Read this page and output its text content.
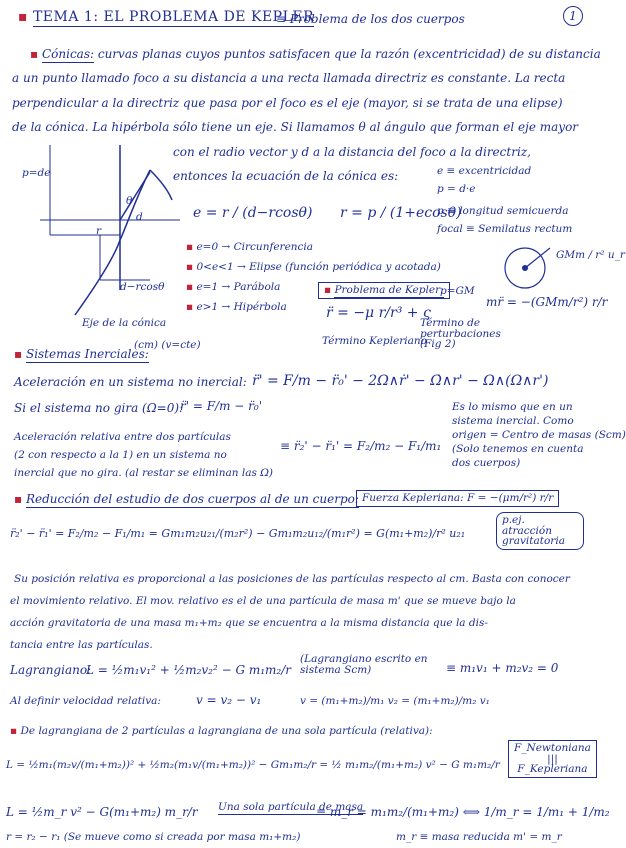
▪ TEMA 1: EL PROBLEMA DE KEPLER
≡ Problema de los dos cuerpos	1
▪ Cónicas: curvas planas cuyos puntos satisfacen que la razón (excentricidad) de su distancia
a un punto llamado foco a su distancia a una recta llamada directriz es constante. La recta
perpendicular a la directriz que pasa por el foco es el eje (mayor, si se trata de una elipse)
de la cónica. La hipérbola sólo tiene un eje. Si llamamos θ al ángulo que forman el eje mayor
con el radio vector y d a la distancia del foco a la directriz,
entonces la ecuación de la cónica es:
p=de
θ
r
d
d−rcosθ
Eje de la cónica
e = r / (d−rcosθ) r = p / (1+ecosθ)
e ≡ excentricidad
p = d·e
p ≡ longitud semicuerda
focal ≡ Semilatus rectum
▪ e=0 → Circunferencia
▪ 0<e<1 → Elipse (función periódica y acotada)
▪ e=1 → Parábola
▪ e>1 → Hipérbola
GMm / r² u_r
▪ Problema de Kepler:
p=GM
r̈ = −μ r/r³ + ς
Término Kepleriano
Término de perturbaciones (Fig 2)
mr̈ = −(GMm/r²) r/r
▪ Sistemas Inerciales:
(cm) (v=cte)
Aceleración en un sistema no inercial: r̈' = F/m − r̈₀' − 2Ω∧ṙ' − Ω̇∧r' − Ω∧(Ω∧r')
Si el sistema no gira (Ω=0):
r̈' = F/m − r̈₀'
Aceleración relativa entre dos partículas
(2 con respecto a la 1) en un sistema no
inercial que no gira. (al restar se eliminan las Ω)
≡ r̈₂' − r̈₁' = F₂/m₂ − F₁/m₁
Es lo mismo que en un
sistema inercial. Como
origen = Centro de masas (Scm)
(Solo tenemos en cuenta
dos cuerpos)
▪ Reducción del estudio de dos cuerpos al de un cuerpo: Fuerza Kepleriana: F = −(μm/r²) r/r
r̈₂' − r̈₁' = F₂/m₂ − F₁/m₁ = Gm₁m₂u₂₁/(m₂r²) − Gm₁m₂u₁₂/(m₁r²) = G(m₁+m₂)/r² u₂₁
p.ej. atracción gravitatoria
Su posición relativa es proporcional a las posiciones de las partículas respecto al cm. Basta con conocer
el movimiento relativo. El mov. relativo es el de una partícula de masa m' que se mueve bajo la
acción gravitatoria de una masa m₁+m₂ que se encuentra a la misma distancia que la dis-
tancia entre las partículas.
Lagrangiano:
L = ½m₁v₁² + ½m₂v₂² − G m₁m₂/r
(Lagrangiano escrito en sistema Scm)	≡ m₁v₁ + m₂v₂ = 0
Al definir velocidad relativa:	v = v₂ − v₁	v = (m₁+m₂)/m₁ v₂ = (m₁+m₂)/m₂ v₁
▪ De lagrangiana de 2 partículas a lagrangiana de una sola partícula (relativa):
L = ½m₁(m₂v/(m₁+m₂))² + ½m₂(m₁v/(m₁+m₂))² − Gm₁m₂/r = ½ m₁m₂/(m₁+m₂) v² − G m₁m₂/r
F_Newtoniana
|||
F_Kepleriana
L = ½m_r v² − G(m₁+m₂) m_r/r Una sola partícula de masa
≡ m_r = m₁m₂/(m₁+m₂) ⟺ 1/m_r = 1/m₁ + 1/m₂
r = r₂ − r₁ (Se mueve como si creada por masa m₁+m₂)	m_r ≡ masa reducida m' = m_r
